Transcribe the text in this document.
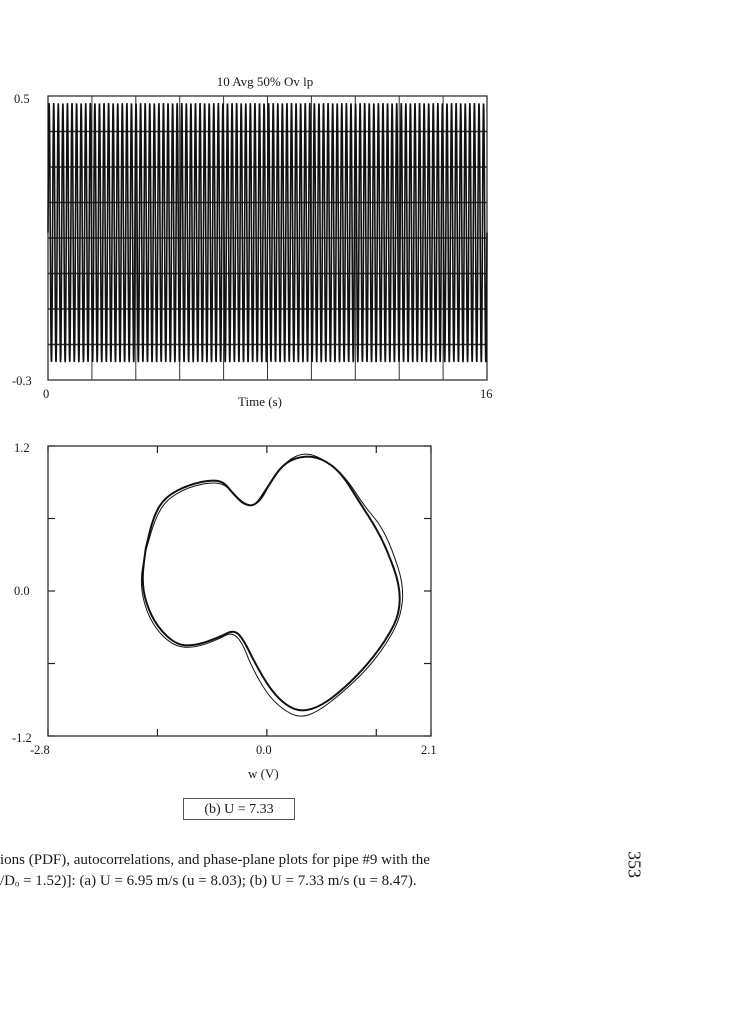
10 Avg 50% Ov lp
0.5
-0.3
0	16
Time (s)
1.2
0.0
-1.2
-2.8	0.0	2.1
w (V)
(b) U = 7.33
ions (PDF), autocorrelations, and phase-plane plots for pipe #9 with the
/Dₒ = 1.52)]: (a) U = 6.95 m/s (u = 8.03); (b) U = 7.33 m/s (u = 8.47).
353
